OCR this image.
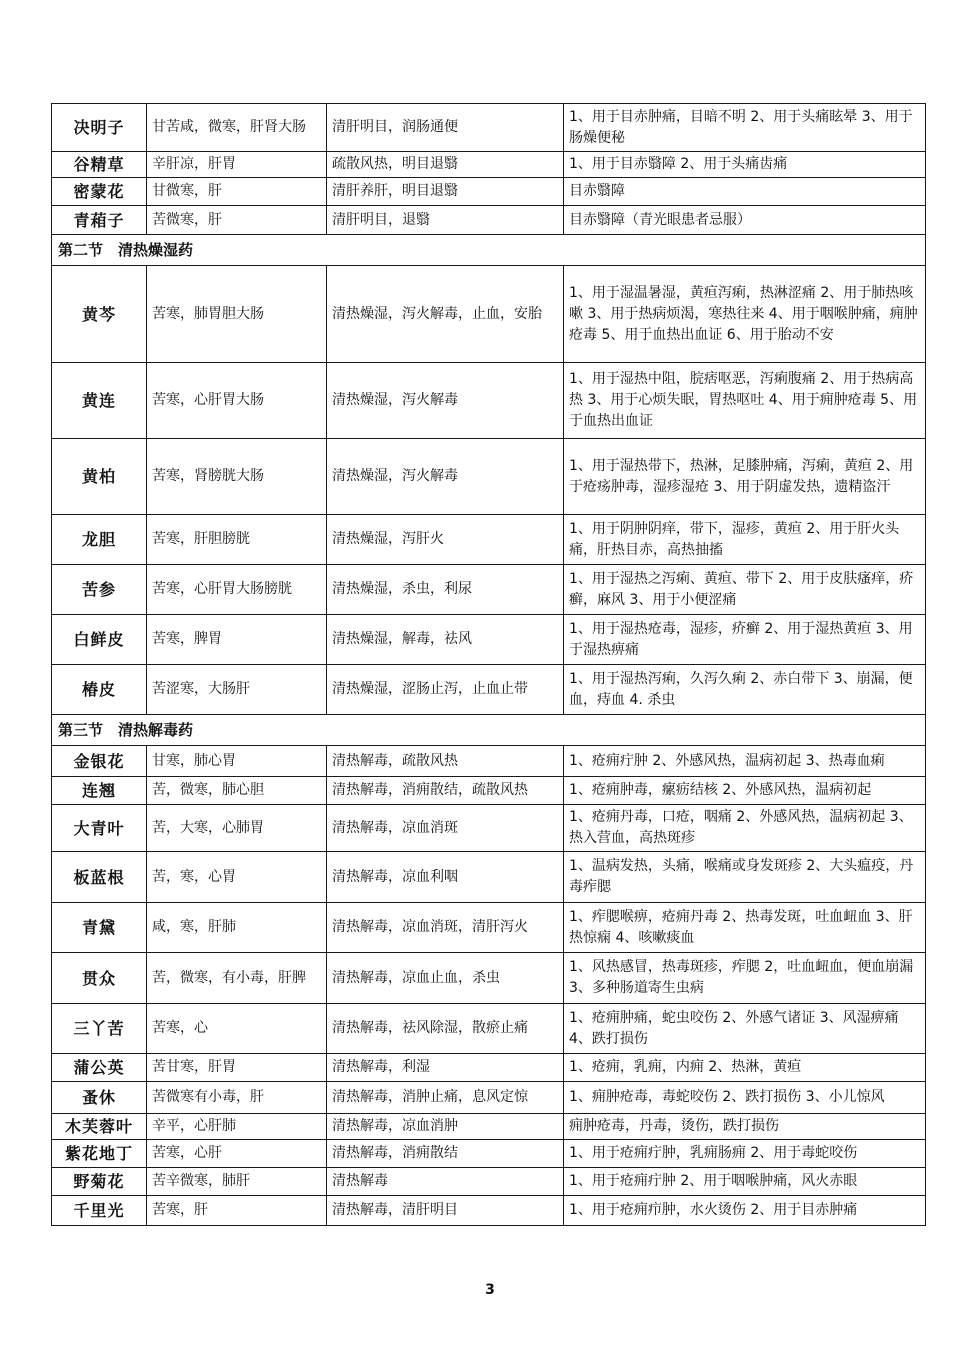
决明子	甘苦咸，微寒，肝肾大肠	清肝明目，润肠通便	1、用于目赤肿痛，目暗不明 2、用于头痛眩晕 3、用于肠燥便秘
谷精草	辛肝凉，肝胃	疏散风热，明目退翳	1、用于目赤翳障 2、用于头痛齿痛
密蒙花	甘微寒，肝	清肝养肝，明目退翳	目赤翳障
青葙子	苦微寒，肝	清肝明目，退翳	目赤翳障（青光眼患者忌服）
第二节　清热燥湿药			
黄芩	苦寒，肺胃胆大肠	清热燥湿，泻火解毒，止血，安胎	1、用于湿温暑湿，黄疸泻痢，热淋涩痛 2、用于肺热咳嗽 3、用于热病烦渴，寒热往来 4、用于咽喉肿痛，痈肿疮毒 5、用于血热出血证 6、用于胎动不安
黄连	苦寒，心肝胃大肠	清热燥湿，泻火解毒	1、用于湿热中阻，脘痞呕恶，泻痢腹痛 2、用于热病高热 3、用于心烦失眠，胃热呕吐 4、用于痈肿疮毒 5、用于血热出血证
黄柏	苦寒，肾膀胱大肠	清热燥湿，泻火解毒	1、用于湿热带下，热淋，足膝肿痛，泻痢，黄疸 2、用于疮疡肿毒，湿疹湿疮 3、用于阴虚发热，遗精盗汗
龙胆	苦寒，肝胆膀胱	清热燥湿，泻肝火	1、用于阴肿阴痒，带下，湿疹，黄疸 2、用于肝火头痛，肝热目赤，高热抽搐
苦参	苦寒，心肝胃大肠膀胱	清热燥湿，杀虫，利尿	1、用于湿热之泻痢、黄疸、带下 2、用于皮肤瘙痒，疥癣，麻风 3、用于小便涩痛
白鲜皮	苦寒，脾胃	清热燥湿，解毒，祛风	1、用于湿热疮毒，湿疹，疥癣 2、用于湿热黄疸 3、用于湿热痹痛
椿皮	苦涩寒，大肠肝	清热燥湿，涩肠止泻，止血止带	1、用于湿热泻痢，久泻久痢 2、赤白带下 3、崩漏，便血，痔血 4. 杀虫
第三节　清热解毒药			
金银花	甘寒，肺心胃	清热解毒，疏散风热	1、疮痈疔肿 2、外感风热，温病初起 3、热毒血痢
连翘	苦，微寒，肺心胆	清热解毒，消痈散结，疏散风热	1、疮痈肿毒，瘰疬结核 2、外感风热，温病初起
大青叶	苦，大寒，心肺胃	清热解毒，凉血消斑	1、疮痈丹毒，口疮，咽痛 2、外感风热，温病初起 3、热入营血，高热斑疹
板蓝根	苦，寒，心胃	清热解毒，凉血利咽	1、温病发热，头痛，喉痛或身发斑疹 2、大头瘟疫，丹毒痄腮
青黛	咸，寒，肝肺	清热解毒，凉血消斑，清肝泻火	1、痄腮喉痹，疮痈丹毒 2、热毒发斑，吐血衄血 3、肝热惊痫 4、咳嗽痰血
贯众	苦，微寒，有小毒，肝脾	清热解毒，凉血止血，杀虫	1、风热感冒，热毒斑疹，痄腮 2，吐血衄血，便血崩漏 3、多种肠道寄生虫病
三丫苦	苦寒，心	清热解毒，祛风除湿，散瘀止痛	1、疮痈肿痛，蛇虫咬伤 2、外感气诸证 3、风湿痹痛 4、跌打损伤
蒲公英	苦甘寒，肝胃	清热解毒，利湿	1、疮痈，乳痈，内痈 2、热淋，黄疸
蚤休	苦微寒有小毒，肝	清热解毒，消肿止痛，息风定惊	1、痈肿疮毒，毒蛇咬伤 2、跌打损伤 3、小儿惊风
木芙蓉叶	辛平，心肝肺	清热解毒，凉血消肿	痈肿疮毒，丹毒，烫伤，跌打损伤
紫花地丁	苦寒，心肝	清热解毒，消痈散结	1、用于疮痈疔肿，乳痈肠痈 2、用于毒蛇咬伤
野菊花	苦辛微寒，肺肝	清热解毒	1、用于疮痈疔肿 2、用于咽喉肿痛，风火赤眼
千里光	苦寒，肝	清热解毒，清肝明目	1、用于疮痈疖肿，水火烫伤 2、用于目赤肿痛
3
